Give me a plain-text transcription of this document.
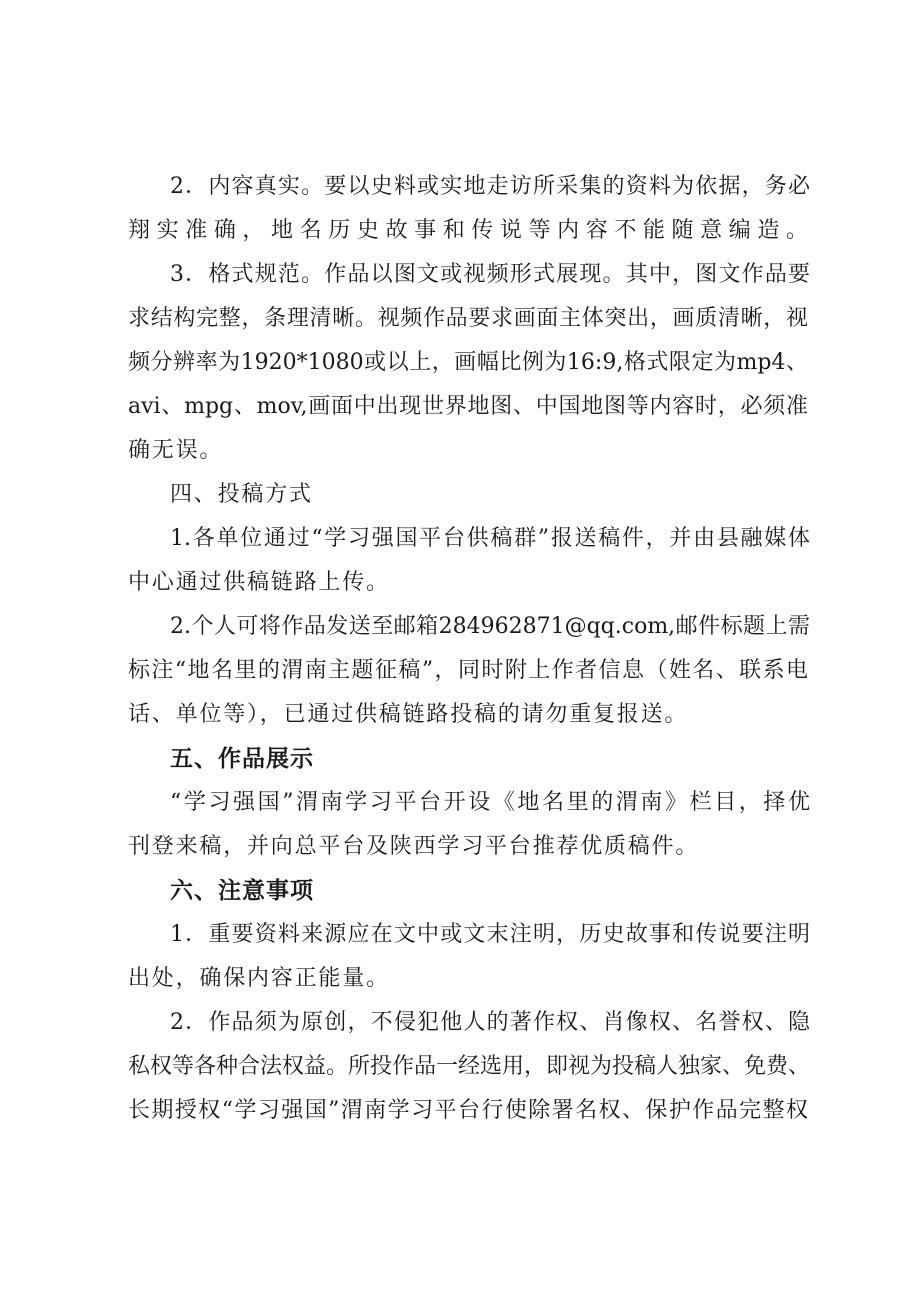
2．内容真实。要以史料或实地走访所采集的资料为依据，务必
翔实准确，地名历史故事和传说等内容不能随意编造。
3．格式规范。作品以图文或视频形式展现。其中，图文作品要
求结构完整，条理清晰。视频作品要求画面主体突出，画质清晰，视
频分辨率为1920*1080或以上，画幅比例为16:9,格式限定为mp4、
avi、mpg、mov,画面中出现世界地图、中国地图等内容时，必须准
确无误。
四、投稿方式
1.各单位通过“学习强国平台供稿群”报送稿件，并由县融媒体
中心通过供稿链路上传。
2.个人可将作品发送至邮箱284962871@qq.com,邮件标题上需
标注“地名里的渭南主题征稿”，同时附上作者信息（姓名、联系电
话、单位等），已通过供稿链路投稿的请勿重复报送。
五、作品展示
“学习强国”渭南学习平台开设《地名里的渭南》栏目，择优
刊登来稿，并向总平台及陕西学习平台推荐优质稿件。
六、注意事项
1．重要资料来源应在文中或文末注明，历史故事和传说要注明
出处，确保内容正能量。
2．作品须为原创，不侵犯他人的著作权、肖像权、名誉权、隐
私权等各种合法权益。所投作品一经选用，即视为投稿人独家、免费、
长期授权“学习强国”渭南学习平台行使除署名权、保护作品完整权
